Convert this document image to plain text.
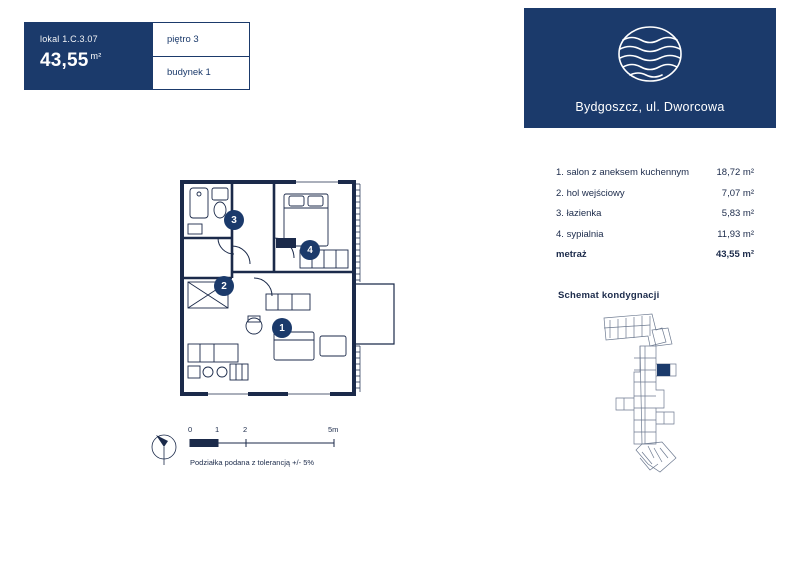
lokal 1.C.3.07
43,55 $^{m^2}$
piętro 3
budynek 1
Bydgoszcz, ul. Dworcowa
1. salon z aneksem kuchennym	18,72 m²
2. hol wejściowy	7,07 m²
3. łazienka	5,83 m²
4. sypialnia	11,93 m²
metraż	43,55 m²
Schemat kondygnacji
1
2
3
4
0	1	2	5m
Podziałka podana z tolerancją +/- 5%
